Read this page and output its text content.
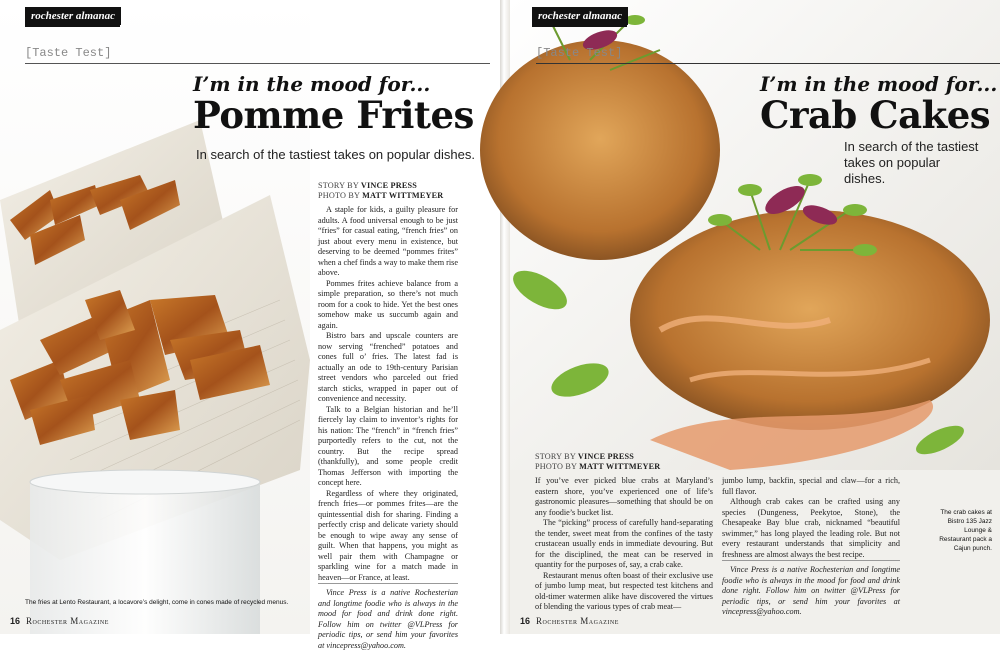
rochester almanac
[Taste Test]
I’m in the mood for...
Pomme Frites
In search of the tastiest takes on popular dishes.
STORY BY VINCE PRESS
PHOTO BY MATT WITTMEYER

A staple for kids, a guilty pleasure for adults. A food universal enough to be just “fries” for casual eating, “french fries” on just about every menu in existence, but deserving to be deemed “pommes frites” when a chef finds a way to make them rise above.

Pommes frites achieve balance from a simple preparation, so there’s not much room for a cook to hide. Yet the best ones somehow make us succumb again and again.

Bistro bars and upscale counters are now serving “frenched” potatoes and cones full o’ fries. The latest fad is actually an ode to 19th-century Parisian street vendors who parceled out fried starch sticks, wrapped in paper out of convenience and necessity.

Talk to a Belgian historian and he’ll fiercely lay claim to inventor’s rights for his nation: The “french” in “french fries” purportedly refers to the cut, not the country. But the recipe spread (thankfully), and some people credit Thomas Jefferson with importing the concept here.

Regardless of where they originated, french fries—or pommes frites—are the quintessential dish for sharing. Finding a perfectly crisp and delicate variety should be enough to wipe away any sense of guilt. When that happens, you might as well pair them with Champagne or sparkling wine for a match made in heaven—or France, at least.

Vince Press is a native Rochesterian and longtime foodie who is always in the mood for food and drink done right. Follow him on twitter @VLPress for periodic tips, or send him your favorites at vincepress@yahoo.com.

The fries at Lento Restaurant, a locavore’s delight, come in cones made of recycled menus.
16 Rochester Magazine
rochester almanac
[Taste Test]
I’m in the mood for...
Crab Cakes
In search of the tastiest takes on popular dishes.
STORY BY VINCE PRESS
PHOTO BY MATT WITTMEYER

If you’ve ever picked blue crabs at Maryland’s eastern shore, you’ve experienced one of life’s gastronomic pleasures—something that should be on any foodie’s bucket list.

The “picking” process of carefully hand-separating the tender, sweet meat from the confines of the tasty crustacean usually ends in immediate devouring. But for the disciplined, the meat can be reserved in quantity for the purposes of, say, a crab cake.

Restaurant menus often boast of their exclusive use of jumbo lump meat, but respected test kitchens and old-timer watermen alike have discovered the virtues of blending the various types of crab meat—

jumbo lump, backfin, special and claw—for a rich, full flavor.

Although crab cakes can be crafted using any species (Dungeness, Peekytoe, Stone), the Chesapeake Bay blue crab, nicknamed “beautiful swimmer,” has long played the leading role. But not every restaurant understands that simplicity and freshness are almost always the best recipe.

Vince Press is a native Rochesterian and longtime foodie who is always in the mood for food and drink done right. Follow him on twitter @VLPress for periodic tips, or send him your favorites at vincepress@yahoo.com.

The crab cakes at Bistro 135 Jazz Lounge & Restaurant pack a Cajun punch.
16 Rochester Magazine
